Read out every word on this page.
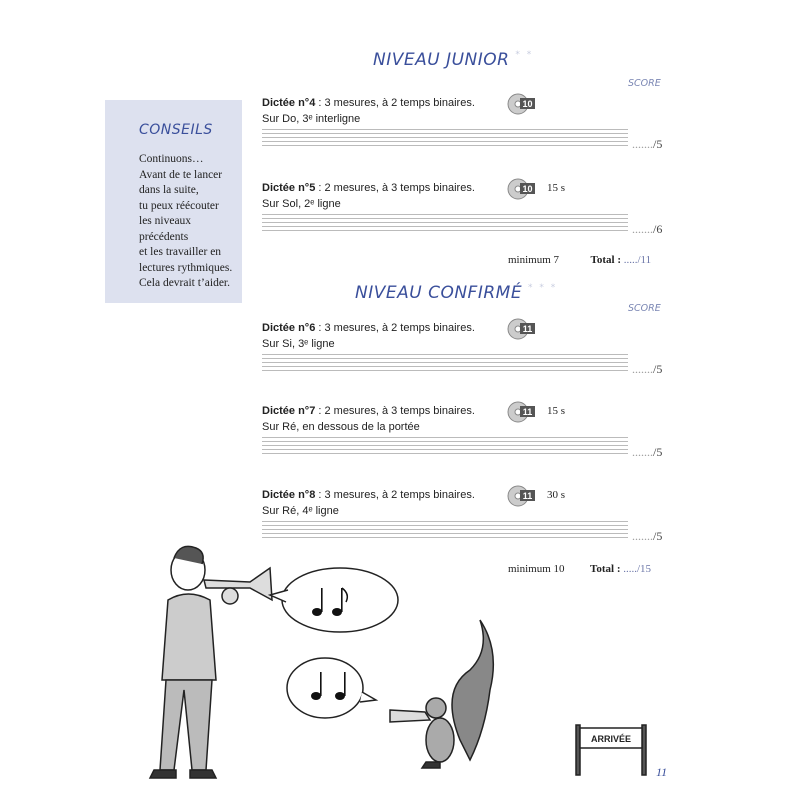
CONSEILS
Continuons…
Avant de te lancer
dans la suite,
tu peux réécouter
les niveaux
précédents
et les travailler en
lectures rythmiques.
Cela devrait t’aider.
NIVEAU JUNIOR * *
SCORE
Dictée n°4 : 3 mesures, à 2 temps binaires.
Sur Do, 3ᵉ interligne
10
......./5
Dictée n°5 : 2 mesures, à 3 temps binaires.
Sur Sol, 2ᵉ ligne
10 15 s
......./6
minimum 7	Total : ...../11
NIVEAU CONFIRMÉ * * *
SCORE
Dictée n°6 : 3 mesures, à 2 temps binaires.
Sur Si, 3ᵉ ligne
11
......./5
Dictée n°7 : 2 mesures, à 3 temps binaires.
Sur Ré, en dessous de la portée
11 15 s
......./5
Dictée n°8 : 3 mesures, à 2 temps binaires.
Sur Ré, 4ᵉ ligne
11 30 s
......./5
minimum 10 Total : ...../15
ARRIVÉE
11
